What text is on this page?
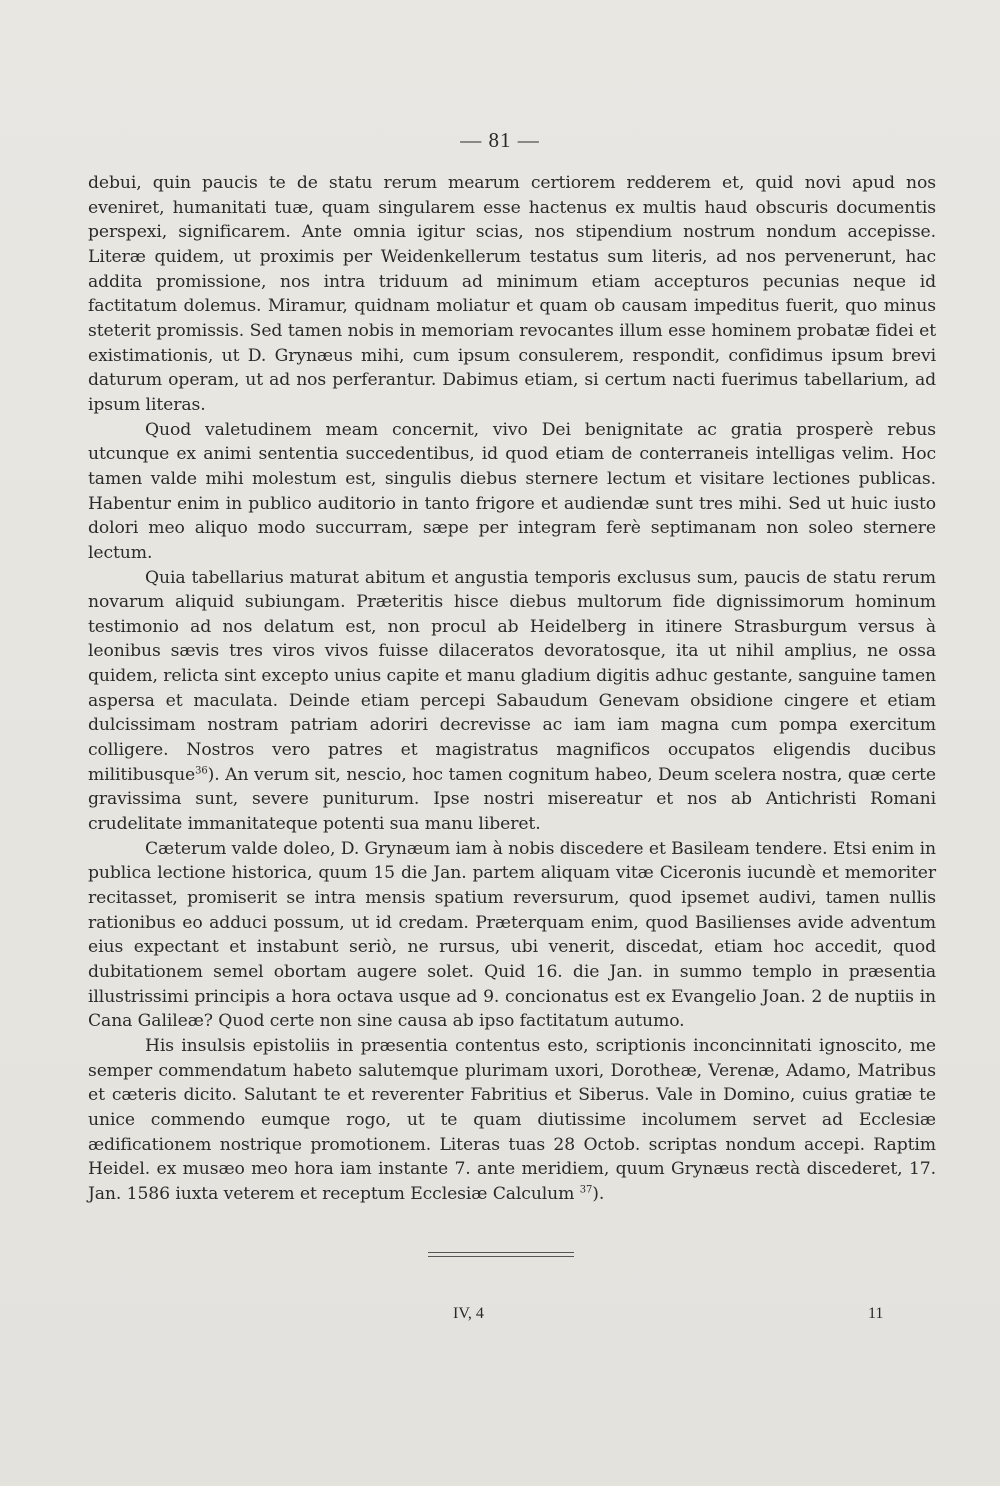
— 81 —

debui, quin paucis te de statu rerum mearum certiorem redderem et, quid novi apud nos eveniret, humanitati tuæ, quam singularem esse hactenus ex multis haud obscuris documentis perspexi, significarem. Ante omnia igitur scias, nos stipendium nostrum nondum accepisse. Literæ quidem, ut proximis per Weidenkellerum testatus sum literis, ad nos pervenerunt, hac addita promissione, nos intra triduum ad minimum etiam accepturos pecunias neque id factitatum dolemus. Miramur, quidnam moliatur et quam ob causam impeditus fuerit, quo minus steterit promissis. Sed tamen nobis in memoriam revocantes illum esse hominem probatæ fidei et existimationis, ut D. Grynæus mihi, cum ipsum consulerem, respondit, confidimus ipsum brevi daturum operam, ut ad nos perferantur. Dabimus etiam, si certum nacti fuerimus tabellarium, ad ipsum literas.

Quod valetudinem meam concernit, vivo Dei benignitate ac gratia prosperè rebus utcunque ex animi sententia succedentibus, id quod etiam de conterraneis intelligas velim. Hoc tamen valde mihi molestum est, singulis diebus sternere lectum et visitare lectiones publicas. Habentur enim in publico auditorio in tanto frigore et audiendæ sunt tres mihi. Sed ut huic iusto dolori meo aliquo modo succurram, sæpe per integram ferè septimanam non soleo sternere lectum.

Quia tabellarius maturat abitum et angustia temporis exclusus sum, paucis de statu rerum novarum aliquid subiungam. Præteritis hisce diebus multorum fide dignissimorum hominum testimonio ad nos delatum est, non procul ab Heidelberg in itinere Strasburgum versus à leonibus sævis tres viros vivos fuisse dilaceratos devoratosque, ita ut nihil amplius, ne ossa quidem, relicta sint excepto unius capite et manu gladium digitis adhuc gestante, sanguine tamen aspersa et maculata. Deinde etiam percepi Sabaudum Genevam obsidione cingere et etiam dulcissimam nostram patriam adoriri decrevisse ac iam iam magna cum pompa exercitum colligere. Nostros vero patres et magistratus magnificos occupatos eligendis ducibus militibusque$^{36}$). An verum sit, nescio, hoc tamen cognitum habeo, Deum scelera nostra, quæ certe gravissima sunt, severe puniturum. Ipse nostri misereatur et nos ab Antichristi Romani crudelitate immanitateque potenti sua manu liberet.

Cæterum valde doleo, D. Grynæum iam à nobis discedere et Basileam tendere. Etsi enim in publica lectione historica, quum 15 die Jan. partem aliquam vitæ Ciceronis iucundè et memoriter recitasset, promiserit se intra mensis spatium reversurum, quod ipsemet audivi, tamen nullis rationibus eo adduci possum, ut id credam. Præterquam enim, quod Basilienses avide adventum eius expectant et instabunt seriò, ne rursus, ubi venerit, discedat, etiam hoc accedit, quod dubitationem semel obortam augere solet. Quid 16. die Jan. in summo templo in præsentia illustrissimi principis a hora octava usque ad 9. concionatus est ex Evangelio Joan. 2 de nuptiis in Cana Galileæ? Quod certe non sine causa ab ipso factitatum autumo.

His insulsis epistoliis in præsentia contentus esto, scriptionis inconcinnitati ignoscito, me semper commendatum habeto salutemque plurimam uxori, Dorotheæ, Verenæ, Adamo, Matribus et cæteris dicito. Salutant te et reverenter Fabritius et Siberus. Vale in Domino, cuius gratiæ te unice commendo eumque rogo, ut te quam diutissime incolumem servet ad Ecclesiæ ædificationem nostrique promotionem. Literas tuas 28 Octob. scriptas nondum accepi. Raptim Heidel. ex musæo meo hora iam instante 7. ante meridiem, quum Grynæus rectà discederet, 17. Jan. 1586 iuxta veterem et receptum Ecclesiæ Calculum $^{37}$).

IV, 4	11
